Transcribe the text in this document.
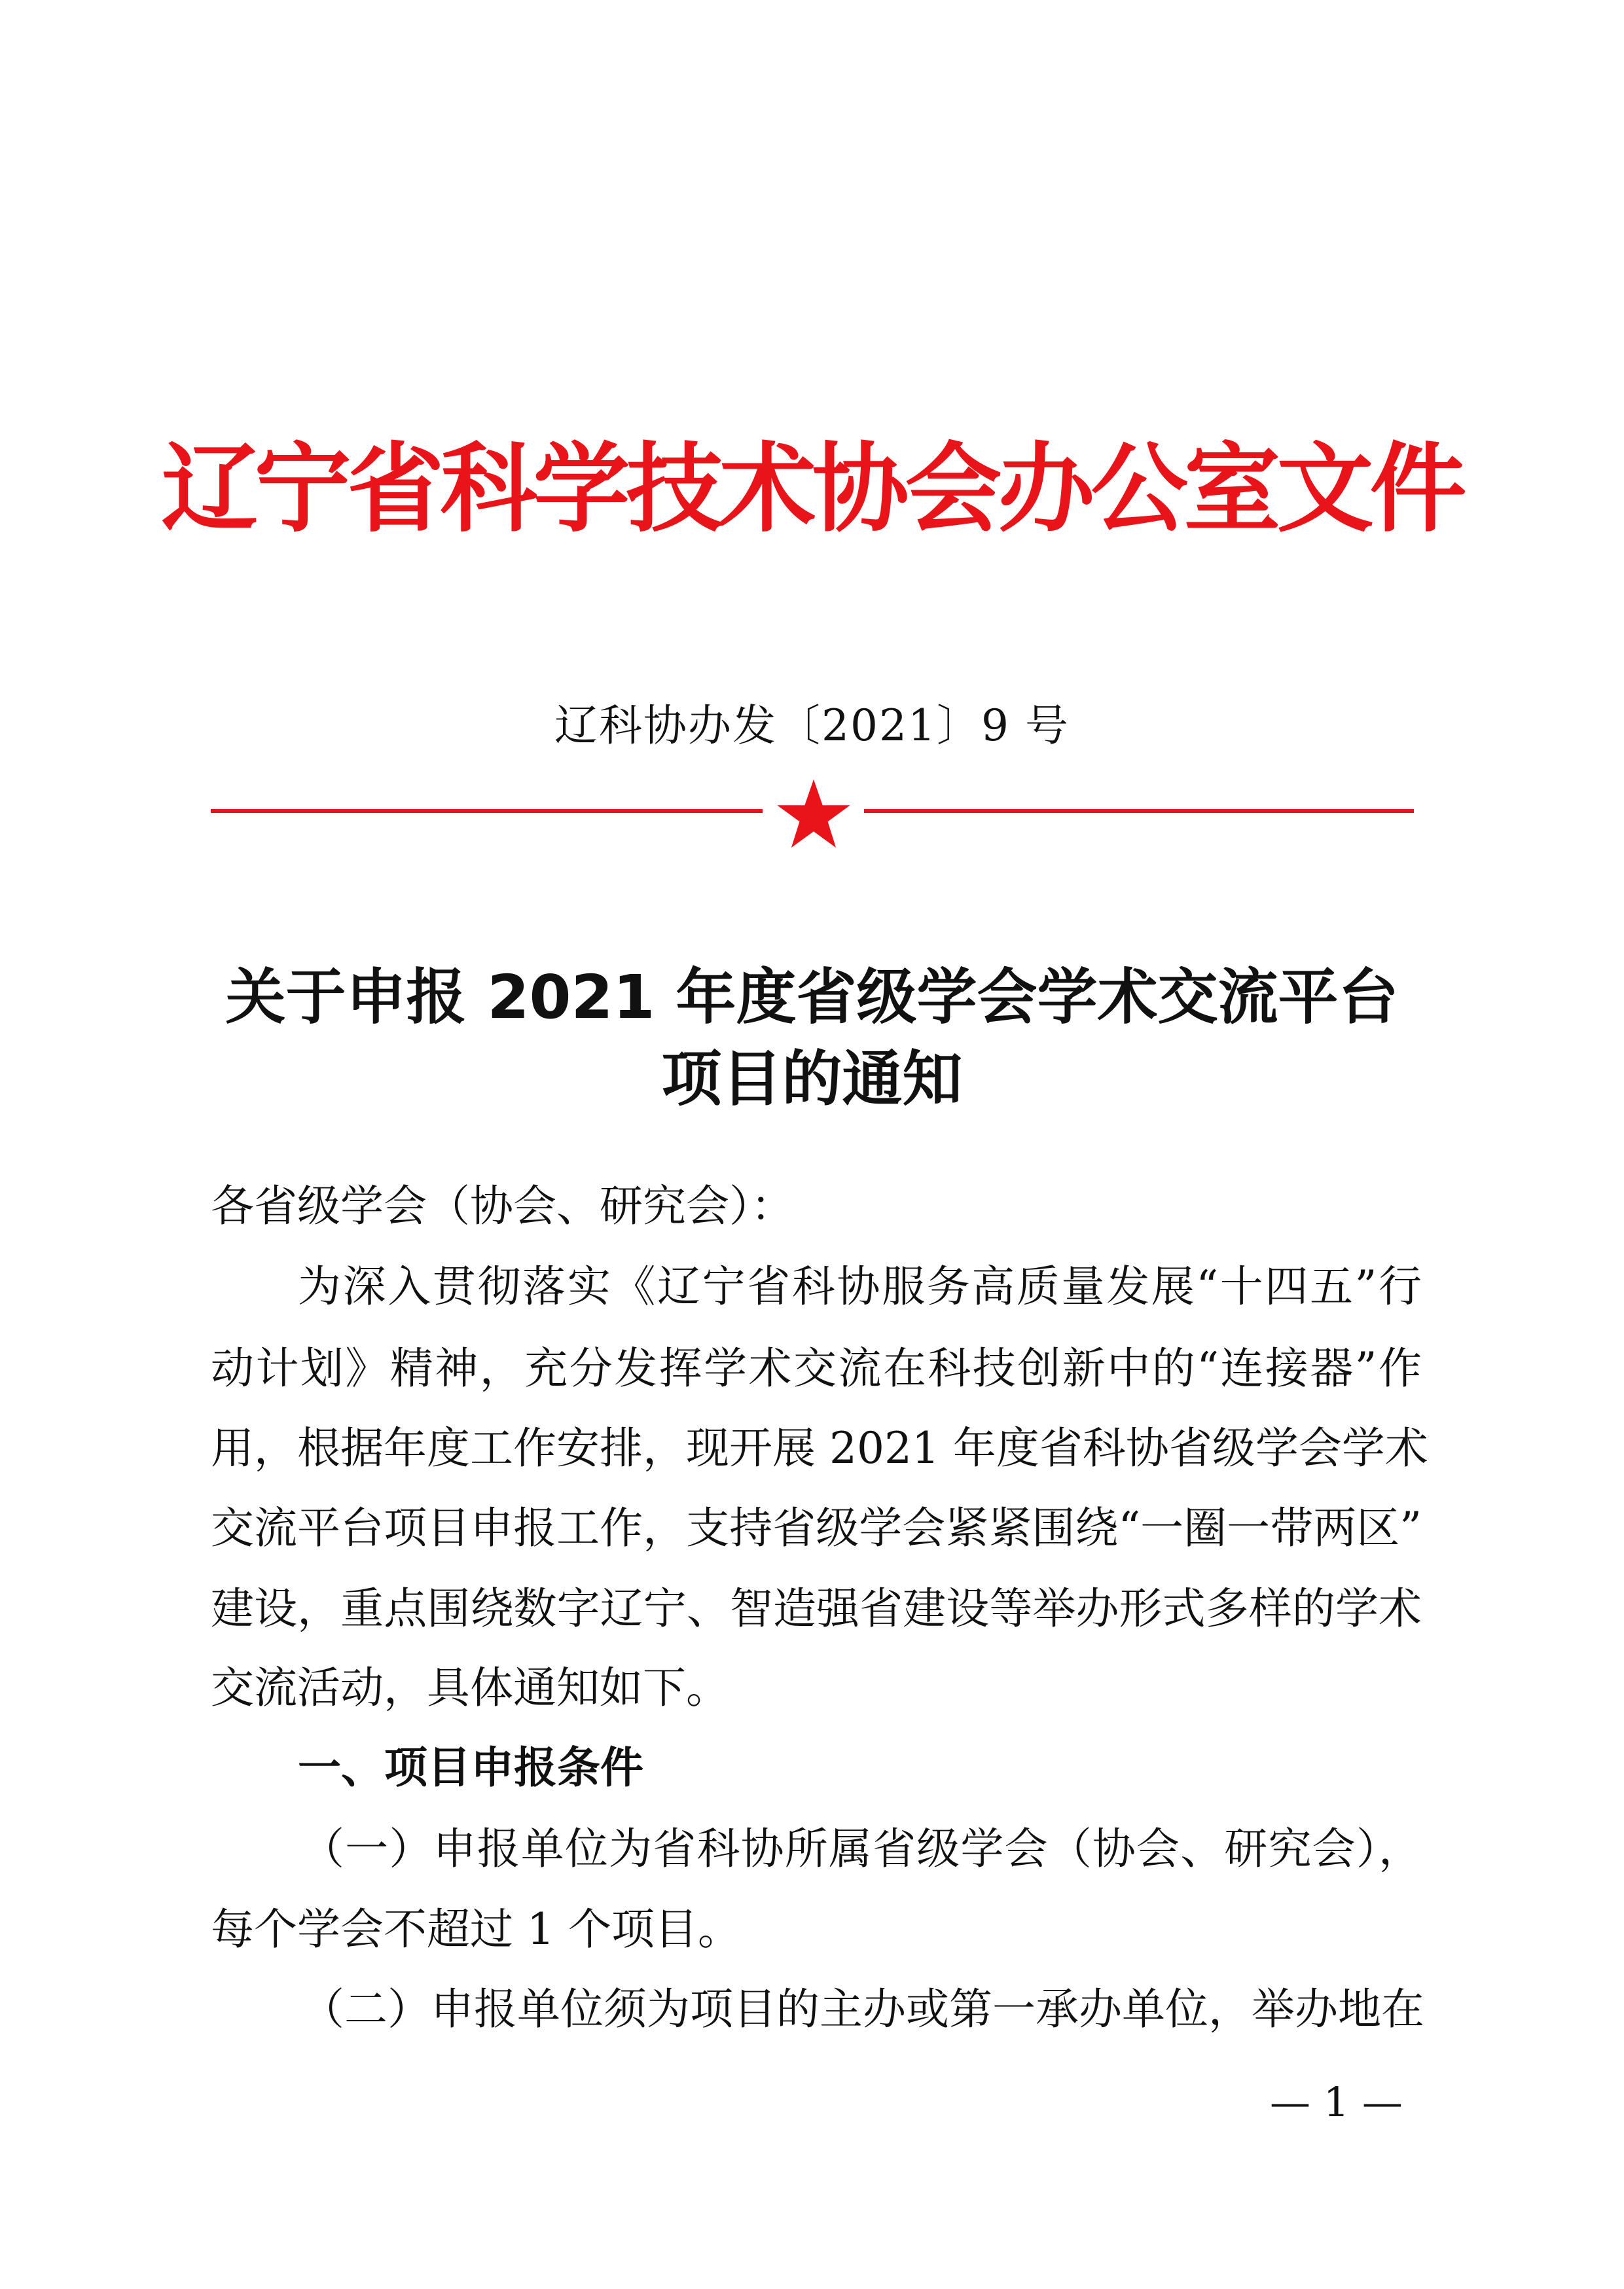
辽宁省科学技术协会办公室文件
辽科协办发〔2021〕9 号
关于申报 2021 年度省级学会学术交流平台
项目的通知
各省级学会（协会、研究会）：
为深入贯彻落实《辽宁省科协服务高质量发展“十四五”行
动计划》精神，充分发挥学术交流在科技创新中的“连接器”作
用，根据年度工作安排，现开展 2021 年度省科协省级学会学术
交流平台项目申报工作，支持省级学会紧紧围绕“一圈一带两区”
建设，重点围绕数字辽宁、智造强省建设等举办形式多样的学术
交流活动，具体通知如下。
一、项目申报条件
（一）申报单位为省科协所属省级学会（协会、研究会），
每个学会不超过 1 个项目。
（二）申报单位须为项目的主办或第一承办单位，举办地在
— 1 —
